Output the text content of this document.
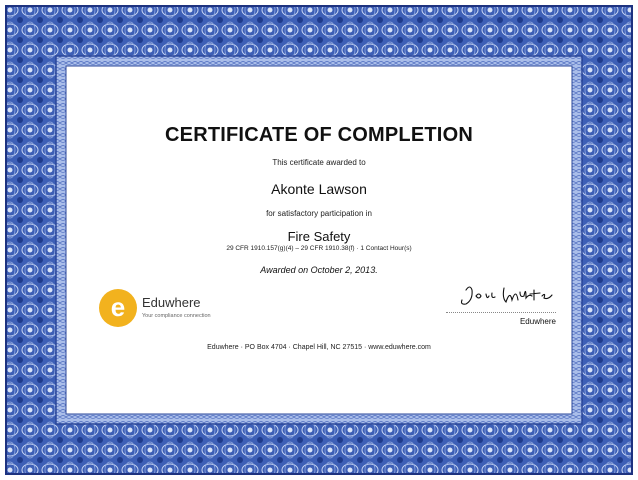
CERTIFICATE OF COMPLETION
This certificate awarded to
Akonte Lawson
for satisfactory participation in
Fire Safety
29 CFR 1910.157(g)(4) – 29 CFR 1910.38(f) · 1 Contact Hour(s)
Awarded on October 2, 2013.
e Eduwhere
Your compliance connection
Eduwhere
Eduwhere · PO Box 4704 · Chapel Hill, NC 27515 · www.eduwhere.com
